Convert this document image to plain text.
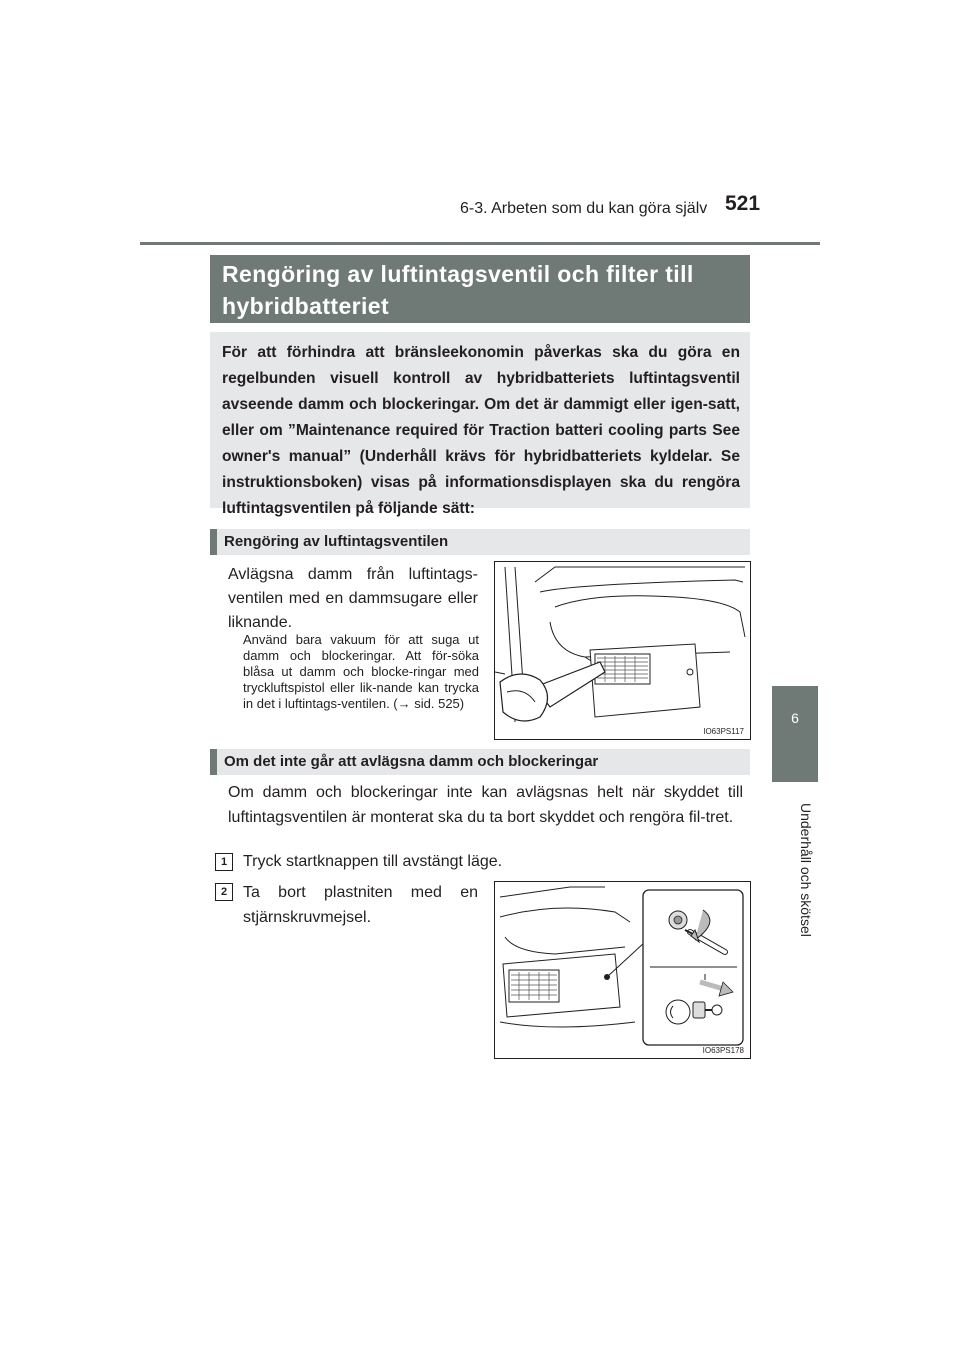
6-3. Arbeten som du kan göra själv 521
6
Underhåll och skötsel
Rengöring av luftintagsventil och filter till hybridbatteriet
För att förhindra att bränsleekonomin påverkas ska du göra en regelbunden visuell kontroll av hybridbatteriets luftintagsventil avseende damm och blockeringar. Om det är dammigt eller igen-satt, eller om ”Maintenance required för Traction batteri cooling parts See owner's manual” (Underhåll krävs för hybridbatteriets kyldelar. Se instruktionsboken) visas på informationsdisplayen ska du rengöra luftintagsventilen på följande sätt:
Rengöring av luftintagsventilen
Avlägsna damm från luftintags-ventilen med en dammsugare eller liknande.
Använd bara vakuum för att suga ut damm och blockeringar. Att för-söka blåsa ut damm och blocke-ringar med tryckluftspistol eller lik-nande kan trycka in det i luftintags-ventilen. (→ sid. 525)
IO63PS117
Om det inte går att avlägsna damm och blockeringar
Om damm och blockeringar inte kan avlägsnas helt när skyddet till luftintagsventilen är monterat ska du ta bort skyddet och rengöra fil-tret.
1 Tryck startknappen till avstängt läge.
2 Ta bort plastniten med en stjärnskruvmejsel.
IO63PS178
